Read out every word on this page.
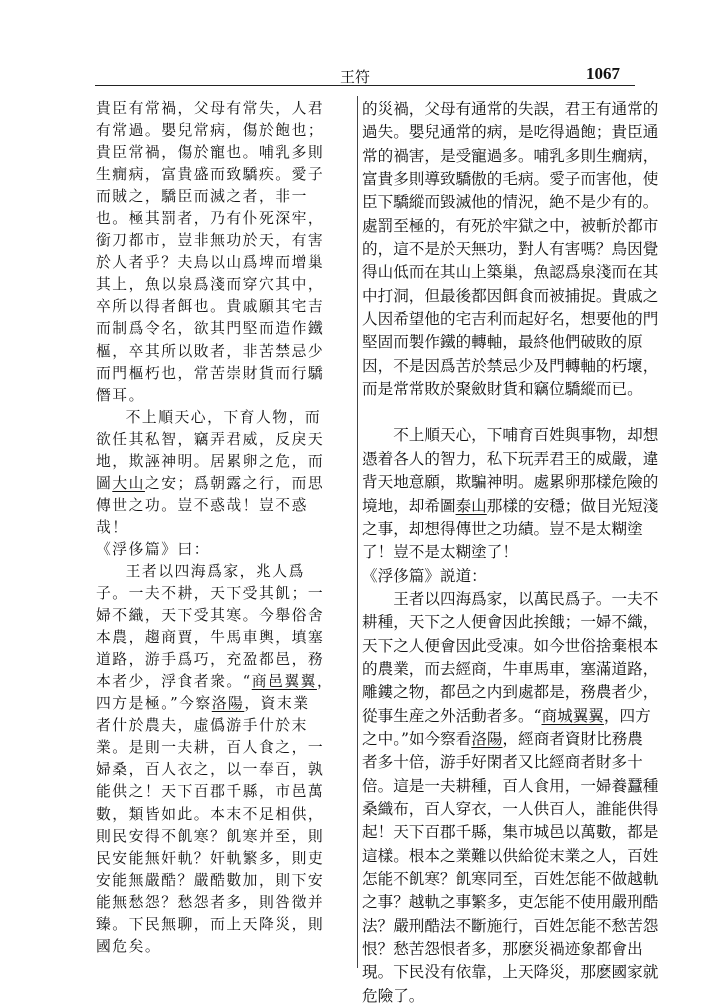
王符	1067
貴臣有常禍，父母有常失，人君
有常過。嬰兒常病，傷於飽也；
貴臣常禍，傷於寵也。哺乳多則
生癇病，富貴盛而致驕疾。愛子
而賊之，驕臣而滅之者，非一
也。極其罰者，乃有仆死深牢，
銜刀都市，豈非無功於天，有害
於人者乎？夫鳥以山爲埤而增巢
其上，魚以泉爲淺而穿穴其中，
卒所以得者餌也。貴戚願其宅吉
而制爲令名，欲其門堅而造作鐵
樞，卒其所以敗者，非苦禁忌少
而門樞朽也，常苦崇財貨而行驕
僭耳。
不上順天心，下育人物，而
欲任其私智，竊弄君威，反戾天
地，欺誣神明。居累卵之危，而
圖大山之安；爲朝露之行，而思
傳世之功。豈不惑哉！豈不惑
哉！
《浮侈篇》曰：
王者以四海爲家，兆人爲
子。一夫不耕，天下受其飢；一
婦不織，天下受其寒。今舉俗舍
本農，趨商賈，牛馬車輿，填塞
道路，游手爲巧，充盈都邑，務
本者少，浮食者衆。“商邑翼翼，
四方是極。”今察洛陽，資末業
者什於農夫，虛僞游手什於末
業。是則一夫耕，百人食之，一
婦桑，百人衣之，以一奉百，孰
能供之！天下百郡千縣，市邑萬
數，類皆如此。本末不足相供，
則民安得不飢寒？飢寒并至，則
民安能無奸軌？奸軌繁多，則吏
安能無嚴酷？嚴酷數加，則下安
能無愁怨？愁怨者多，則咎徵并
臻。下民無聊，而上天降災，則
國危矣。
的災禍，父母有通常的失誤，君王有通常的
過失。嬰兒通常的病，是吃得過飽；貴臣通
常的禍害，是受寵過多。哺乳多則生癇病，
富貴多則導致驕傲的毛病。愛子而害他，使
臣下驕縱而毀滅他的情況，絶不是少有的。
處罰至極的，有死於牢獄之中，被斬於都市
的，這不是於天無功，對人有害嗎？鳥因覺
得山低而在其山上築巢，魚認爲泉淺而在其
中打洞，但最後都因餌食而被捕捉。貴戚之
人因希望他的宅吉利而起好名，想要他的門
堅固而製作鐵的轉軸，最終他們破敗的原
因，不是因爲苦於禁忌少及門轉軸的朽壞，
而是常常敗於聚斂財貨和竊位驕縱而已。
不上順天心，下哺育百姓與事物，却想
憑着各人的智力，私下玩弄君王的威嚴，違
背天地意願，欺騙神明。處累卵那樣危險的
境地，却希圖泰山那樣的安穩；做目光短淺
之事，却想得傳世之功績。豈不是太糊塗
了！豈不是太糊塗了！
《浮侈篇》説道：
王者以四海爲家，以萬民爲子。一夫不
耕種，天下之人便會因此挨餓；一婦不織，
天下之人便會因此受凍。如今世俗捨棄根本
的農業，而去經商，牛車馬車，塞滿道路，
雕鏤之物，都邑之内到處都是，務農者少，
從事生産之外活動者多。“商城翼翼，四方
之中。”如今察看洛陽，經商者資財比務農
者多十倍，游手好閑者又比經商者財多十
倍。這是一夫耕種，百人食用，一婦養蠶種
桑織布，百人穿衣，一人供百人，誰能供得
起！天下百郡千縣，集市城邑以萬數，都是
這樣。根本之業難以供給從末業之人，百姓
怎能不飢寒？飢寒同至，百姓怎能不做越軌
之事？越軌之事繁多，吏怎能不使用嚴刑酷
法？嚴刑酷法不斷施行，百姓怎能不愁苦怨
恨？愁苦怨恨者多，那麽災禍迹象都會出
現。下民没有依靠，上天降災，那麽國家就
危險了。
